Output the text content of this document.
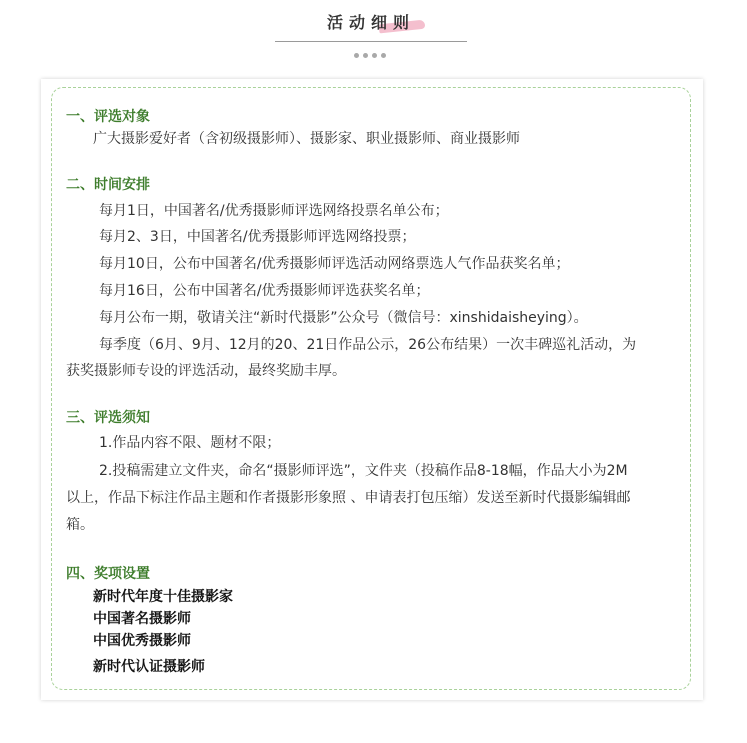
活动细则
一、评选对象
广大摄影爱好者（含初级摄影师）、摄影家、职业摄影师、商业摄影师
二、时间安排
每月1日，中国著名/优秀摄影师评选网络投票名单公布；
每月2、3日，中国著名/优秀摄影师评选网络投票；
每月10日，公布中国著名/优秀摄影师评选活动网络票选人气作品获奖名单；
每月16日，公布中国著名/优秀摄影师评选获奖名单；
每月公布一期，敬请关注“新时代摄影”公众号（微信号：xinshidaisheying）。
每季度（6月、9月、12月的20、21日作品公示，26公布结果）一次丰碑巡礼活动，为
获奖摄影师专设的评选活动，最终奖励丰厚。
三、评选须知
1.作品内容不限、题材不限；
2.投稿需建立文件夹，命名“摄影师评选”，文件夹（投稿作品8-18幅，作品大小为2M
以上，作品下标注作品主题和作者摄影形象照 、申请表打包压缩）发送至新时代摄影编辑邮
箱。
四、奖项设置
新时代年度十佳摄影家
中国著名摄影师
中国优秀摄影师
新时代认证摄影师
